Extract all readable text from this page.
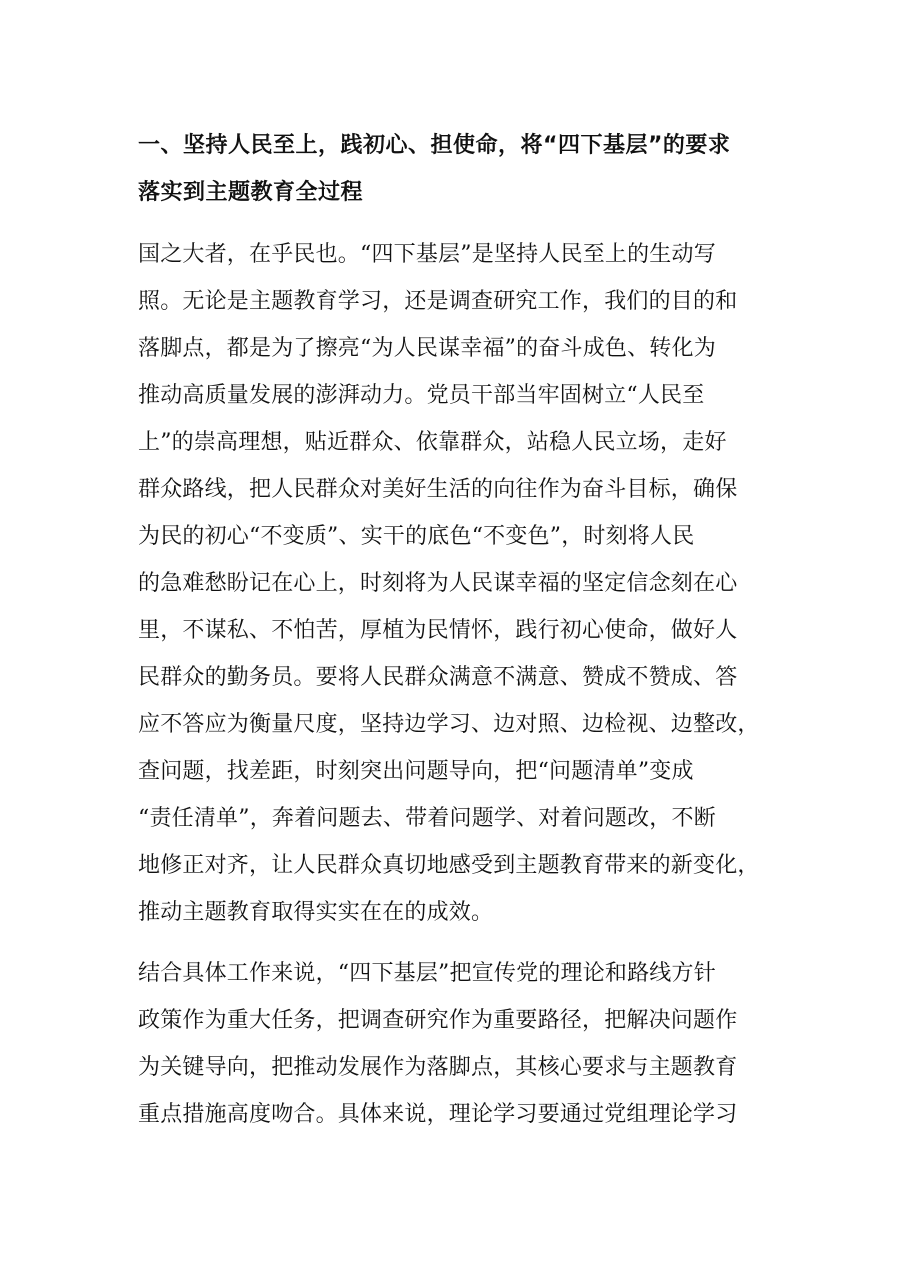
一、坚持人民至上，践初心、担使命，将“四下基层”的要求
落实到主题教育全过程

国之大者，在乎民也。“四下基层”是坚持人民至上的生动写
照。无论是主题教育学习，还是调查研究工作，我们的目的和
落脚点，都是为了擦亮“为人民谋幸福”的奋斗成色、转化为
推动高质量发展的澎湃动力。党员干部当牢固树立“人民至
上”的崇高理想，贴近群众、依靠群众，站稳人民立场，走好
群众路线，把人民群众对美好生活的向往作为奋斗目标，确保
为民的初心“不变质”、实干的底色“不变色”，时刻将人民
的急难愁盼记在心上，时刻将为人民谋幸福的坚定信念刻在心
里，不谋私、不怕苦，厚植为民情怀，践行初心使命，做好人
民群众的勤务员。要将人民群众满意不满意、赞成不赞成、答
应不答应为衡量尺度，坚持边学习、边对照、边检视、边整改，
查问题，找差距，时刻突出问题导向，把“问题清单”变成
“责任清单”，奔着问题去、带着问题学、对着问题改，不断
地修正对齐，让人民群众真切地感受到主题教育带来的新变化，
推动主题教育取得实实在在的成效。

结合具体工作来说，“四下基层”把宣传党的理论和路线方针
政策作为重大任务，把调查研究作为重要路径，把解决问题作
为关键导向，把推动发展作为落脚点，其核心要求与主题教育
重点措施高度吻合。具体来说，理论学习要通过党组理论学习
